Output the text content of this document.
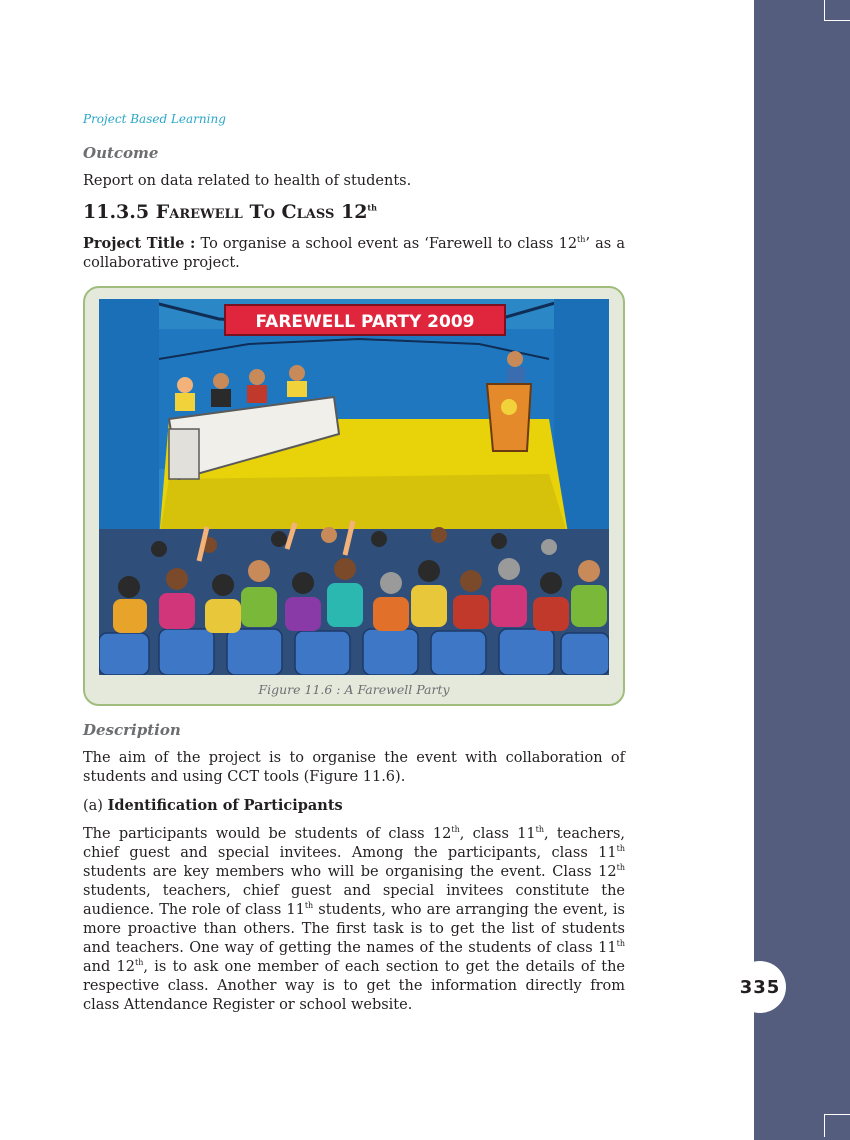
335
Project Based Learning
Outcome
Report on data related to health of students.
11.3.5 Farewell To Class 12th
Project Title : To organise a school event as ‘Farewell to class 12th’ as a collaborative project.
FAREWELL PARTY 2009
Figure 11.6 : A Farewell Party
Description
The aim of the project is to organise the event with collaboration of students and using CCT tools (Figure 11.6).
(a) Identification of Participants
The participants would be students of class 12th, class 11th, teachers, chief guest and special invitees. Among the participants, class 11th students are key members who will be organising the event. Class 12th students, teachers, chief guest and special invitees constitute the audience. The role of class 11th students, who are arranging the event, is more proactive than others. The first task is to get the list of students and teachers. One way of getting the names of the students of class 11th and 12th, is to ask one member of each section to get the details of the respective class. Another way is to get the information directly from class Attendance Register or school website.
